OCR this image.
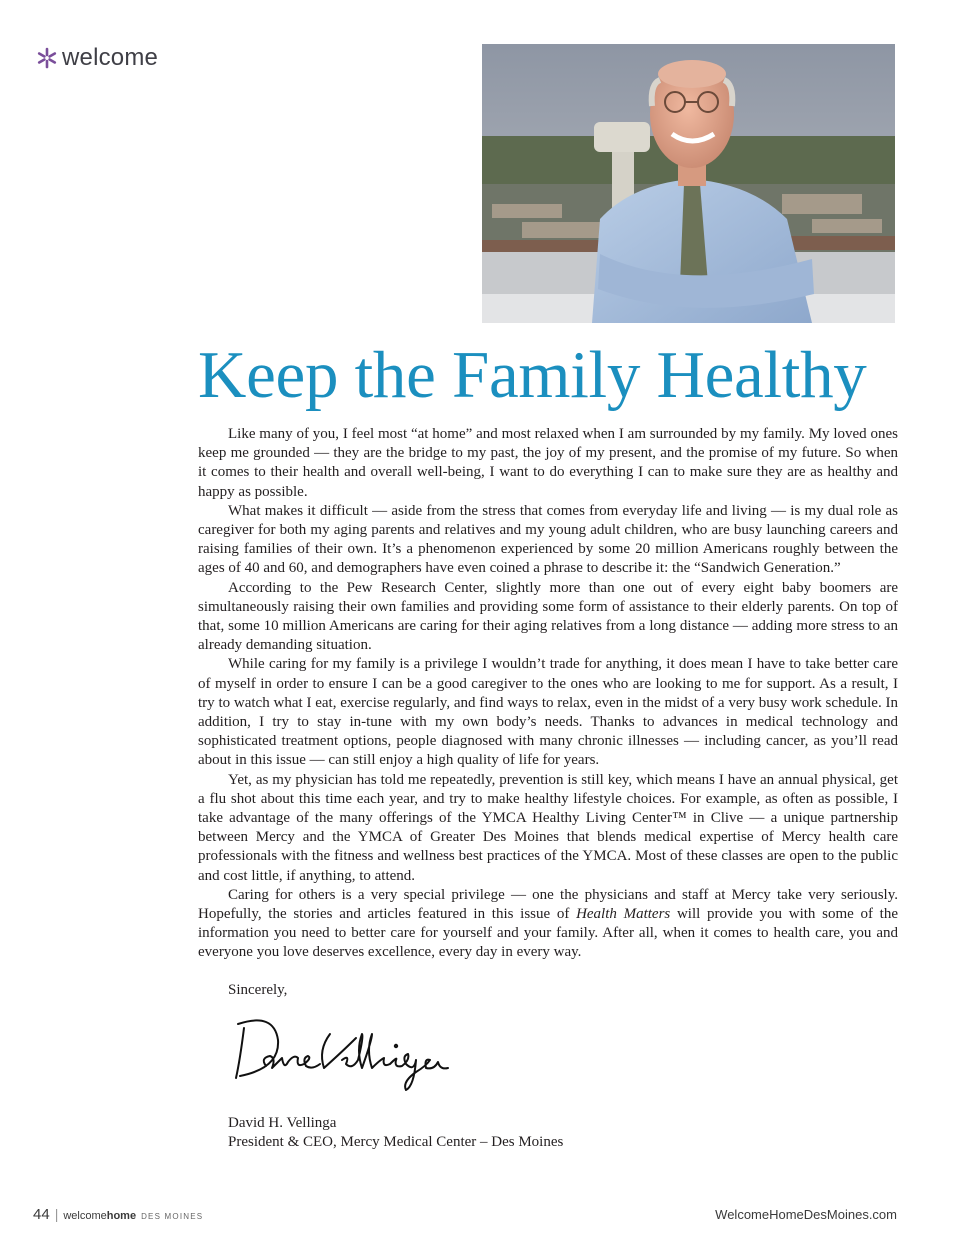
welcome
Keep the Family Healthy

Like many of you, I feel most “at home” and most relaxed when I am surrounded by my family. My loved ones keep me grounded — they are the bridge to my past, the joy of my present, and the promise of my future. So when it comes to their health and overall well-being, I want to do everything I can to make sure they are as healthy and happy as possible.

What makes it difficult — aside from the stress that comes from everyday life and living — is my dual role as caregiver for both my aging parents and relatives and my young adult children, who are busy launching careers and raising families of their own. It’s a phenomenon experienced by some 20 million Americans roughly between the ages of 40 and 60, and demographers have even coined a phrase to describe it: the “Sandwich Generation.”

According to the Pew Research Center, slightly more than one out of every eight baby boomers are simultaneously raising their own families and providing some form of assistance to their elderly parents. On top of that, some 10 million Americans are caring for their aging relatives from a long distance — adding more stress to an already demanding situation.

While caring for my family is a privilege I wouldn’t trade for anything, it does mean I have to take better care of myself in order to ensure I can be a good caregiver to the ones who are looking to me for support. As a result, I try to watch what I eat, exercise regularly, and find ways to relax, even in the midst of a very busy work schedule. In addition, I try to stay in-tune with my own body’s needs. Thanks to advances in medical technology and sophisticated treatment options, people diagnosed with many chronic illnesses — including cancer, as you’ll read about in this issue — can still enjoy a high quality of life for years.

Yet, as my physician has told me repeatedly, prevention is still key, which means I have an annual physical, get a flu shot about this time each year, and try to make healthy lifestyle choices. For example, as often as possible, I take advantage of the many offerings of the YMCA Healthy Living Center™ in Clive — a unique partnership between Mercy and the YMCA of Greater Des Moines that blends medical expertise of Mercy health care professionals with the fitness and wellness best practices of the YMCA. Most of these classes are open to the public and cost little, if anything, to attend.

Caring for others is a very special privilege — one the physicians and staff at Mercy take very seriously. Hopefully, the stories and articles featured in this issue of Health Matters will provide you with some of the information you need to better care for yourself and your family. After all, when it comes to health care, you and everyone you love deserves excellence, every day in every way.

Sincerely,
David H. Vellinga
President & CEO, Mercy Medical Center – Des Moines
44 | welcome home DES MOINES	WelcomeHomeDesMoines.com
